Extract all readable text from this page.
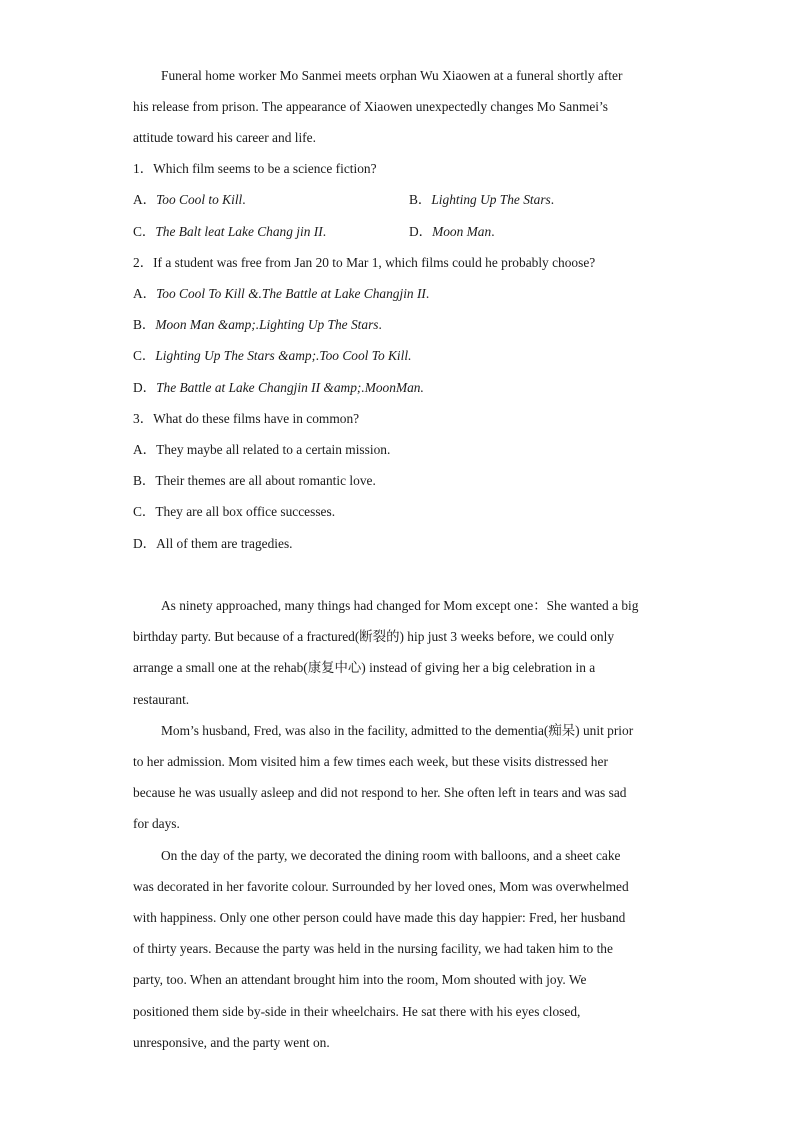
Funeral home worker Mo Sanmei meets orphan Wu Xiaowen at a funeral shortly after
his release from prison. The appearance of Xiaowen unexpectedly changes Mo Sanmei’s
attitude toward his career and life.
1．Which film seems to be a science fiction?
A．Too Cool to Kill.	B．Lighting Up The Stars.
C．The Balt leat Lake Chang jin II.	D．Moon Man.
2．If a student was free from Jan 20 to Mar 1, which films could he probably choose?
A．Too Cool To Kill &.The Battle at Lake Changjin II.
B．Moon Man &amp;.Lighting Up The Stars.
C．Lighting Up The Stars &amp;.Too Cool To Kill.
D．The Battle at Lake Changjin II &amp;.MoonMan.
3．What do these films have in common?
A．They maybe all related to a certain mission.
B．Their themes are all about romantic love.
C．They are all box office successes.
D．All of them are tragedies.
As ninety approached, many things had changed for Mom except one：She wanted a big
birthday party. But because of a fractured(断裂的) hip just 3 weeks before, we could only
arrange a small one at the rehab(康复中心) instead of giving her a big celebration in a
restaurant.
Mom’s husband, Fred, was also in the facility, admitted to the dementia(痴呆) unit prior
to her admission. Mom visited him a few times each week, but these visits distressed her
because he was usually asleep and did not respond to her. She often left in tears and was sad
for days.
On the day of the party, we decorated the dining room with balloons, and a sheet cake
was decorated in her favorite colour. Surrounded by her loved ones, Mom was overwhelmed
with happiness. Only one other person could have made this day happier: Fred, her husband
of thirty years. Because the party was held in the nursing facility, we had taken him to the
party, too. When an attendant brought him into the room, Mom shouted with joy. We
positioned them side by-side in their wheelchairs. He sat there with his eyes closed,
unresponsive, and the party went on.
